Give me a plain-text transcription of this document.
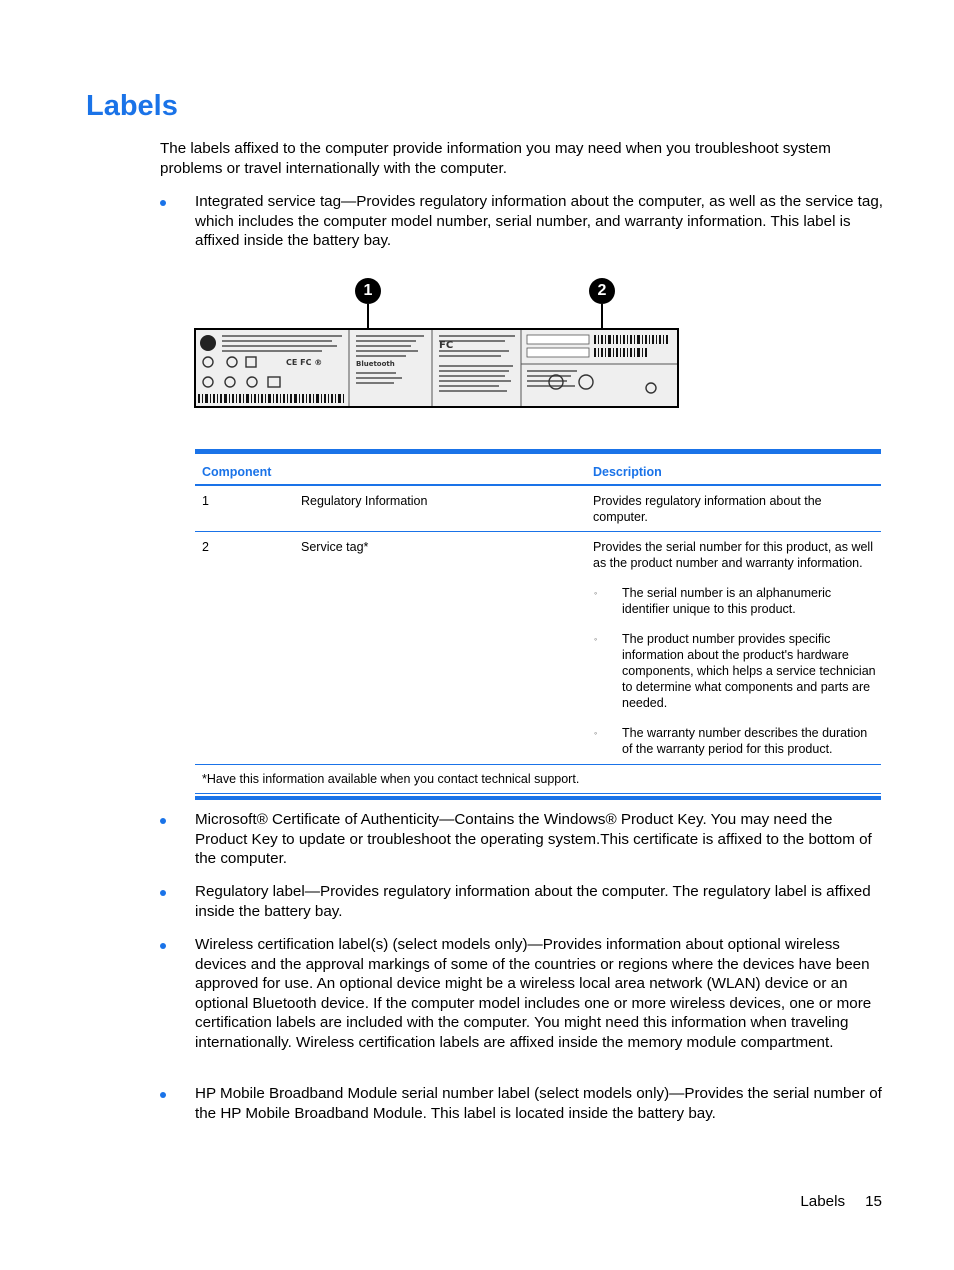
Labels

The labels affixed to the computer provide information you may need when you troubleshoot system problems or travel internationally with the computer.

Integrated service tag—Provides regulatory information about the computer, as well as the service tag, which includes the computer model number, serial number, and warranty information. This label is affixed inside the battery bay.
1	2
CE FC ®
FC
Bluetooth
Component	Description
1	Regulatory Information	Provides regulatory information about the computer.
2	Service tag*	Provides the serial number for this product, as well as the product number and warranty information.
◦ The serial number is an alphanumeric identifier unique to this product.
◦ The product number provides specific information about the product's hardware components, which helps a service technician to determine what components and parts are needed.
◦ The warranty number describes the duration of the warranty period for this product.
*Have this information available when you contact technical support.
Microsoft® Certificate of Authenticity—Contains the Windows® Product Key. You may need the Product Key to update or troubleshoot the operating system.This certificate is affixed to the bottom of the computer.
Regulatory label—Provides regulatory information about the computer. The regulatory label is affixed inside the battery bay.
Wireless certification label(s) (select models only)—Provides information about optional wireless devices and the approval markings of some of the countries or regions where the devices have been approved for use. An optional device might be a wireless local area network (WLAN) device or an optional Bluetooth device. If the computer model includes one or more wireless devices, one or more certification labels are included with the computer. You might need this information when traveling internationally. Wireless certification labels are affixed inside the memory module compartment.
HP Mobile Broadband Module serial number label (select models only)—Provides the serial number of the HP Mobile Broadband Module. This label is located inside the battery bay.
Labels 15
